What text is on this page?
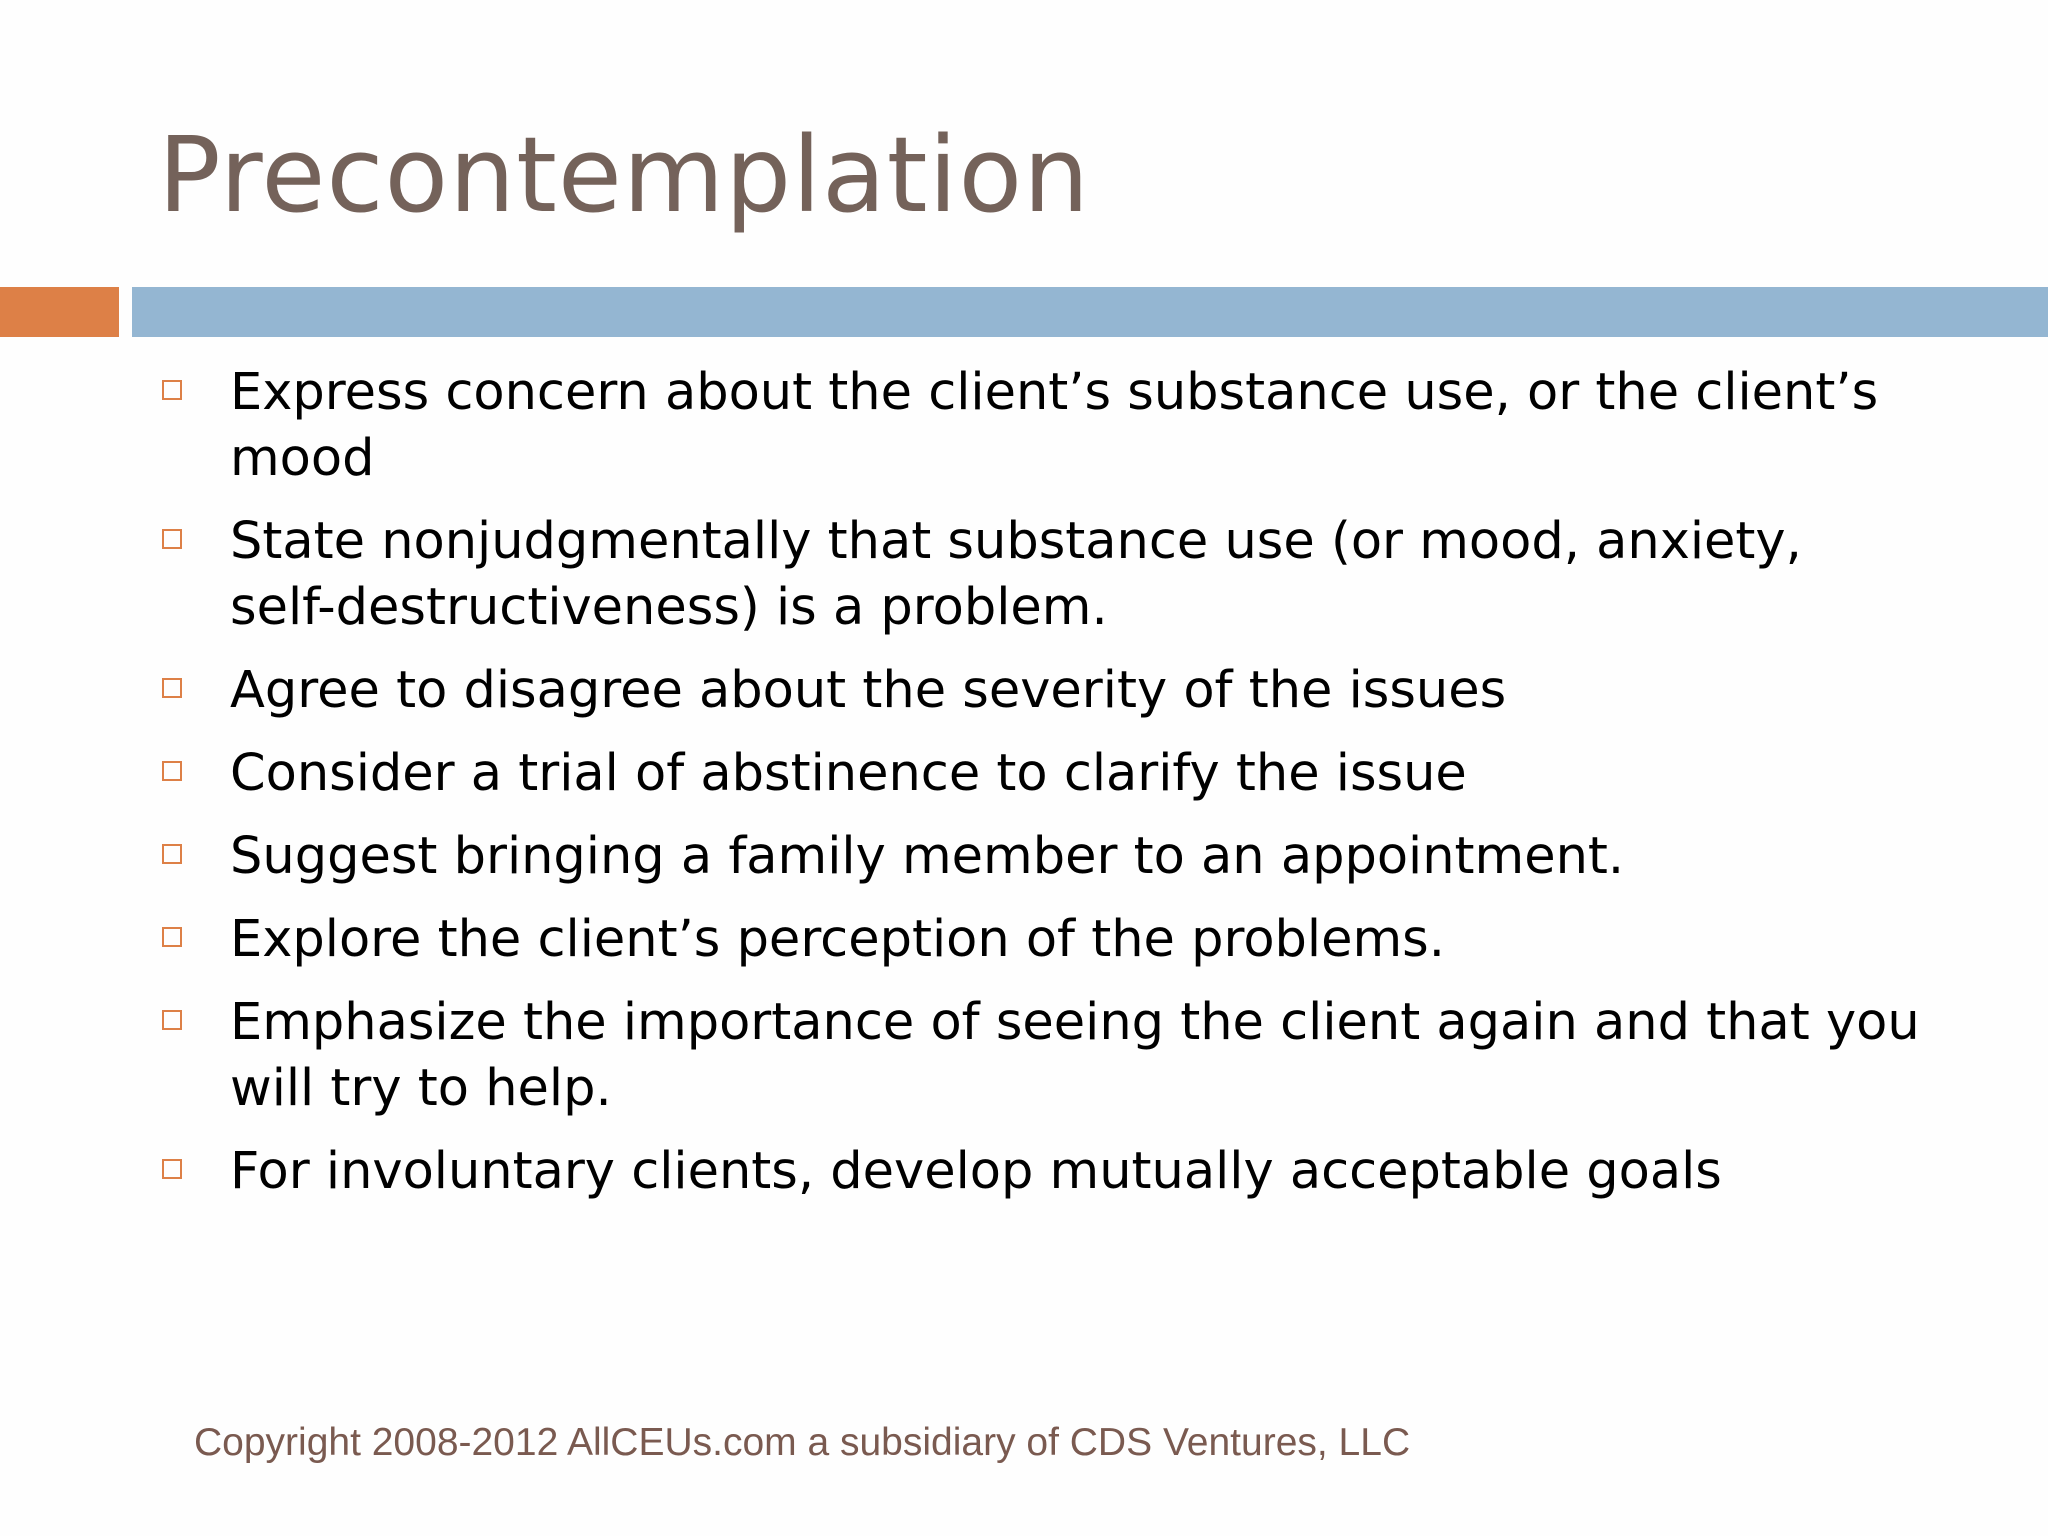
Precontemplation
Express concern about the client’s substance use, or the client’s mood
State nonjudgmentally that substance use (or mood, anxiety, self-destructiveness) is a problem.
Agree to disagree about the severity of the issues
Consider a trial of abstinence to clarify the issue
Suggest bringing a family member to an appointment.
Explore the client’s perception of the problems.
Emphasize the importance of seeing the client again and that you will try to help.
For involuntary clients, develop mutually acceptable goals
Copyright 2008-2012 AllCEUs.com a subsidiary of CDS Ventures, LLC
